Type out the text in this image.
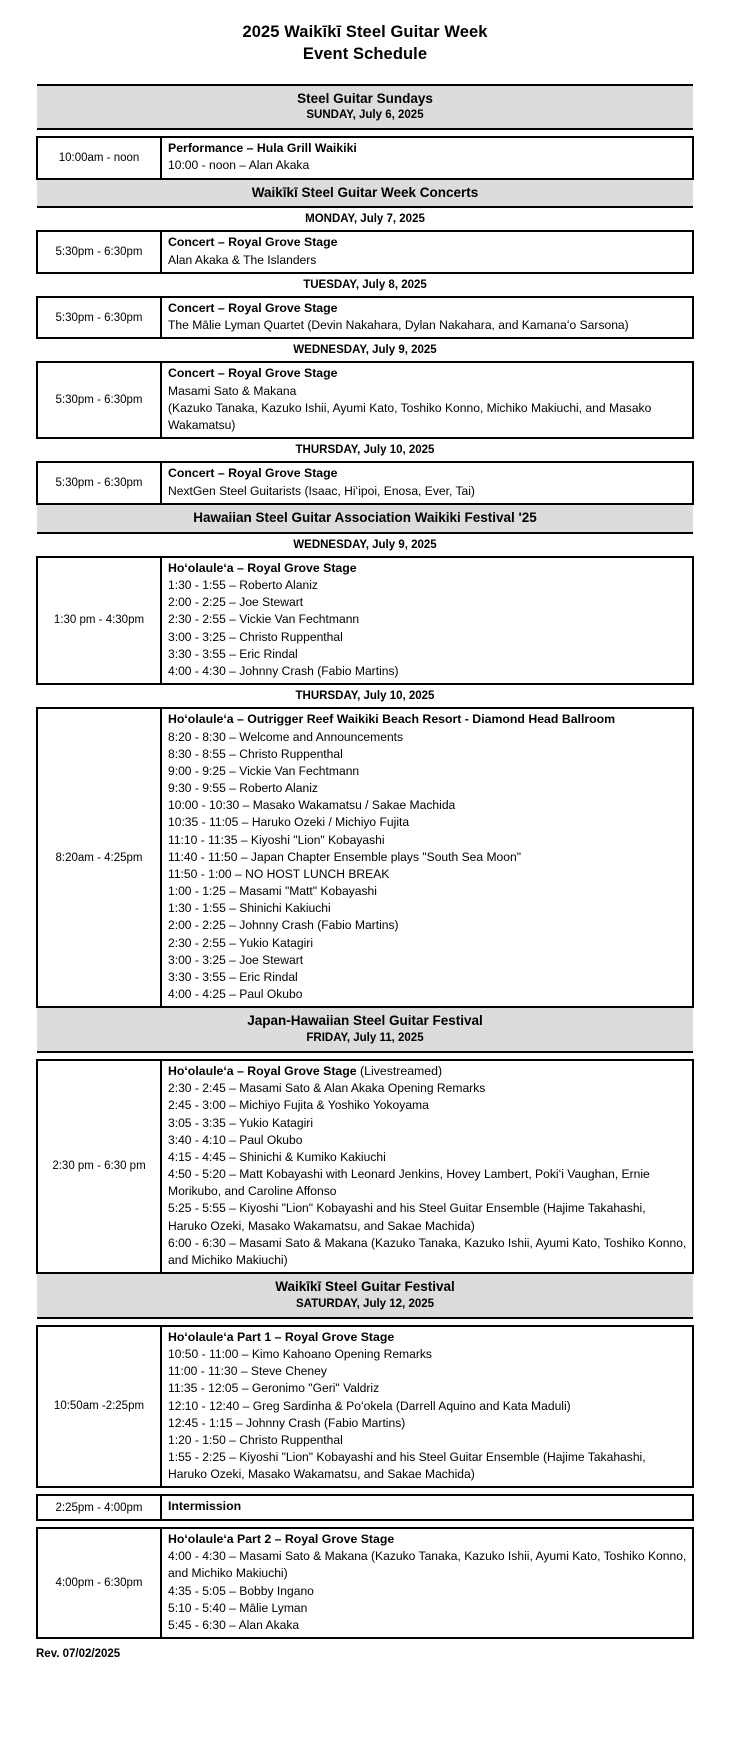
2025 Waikīkī Steel Guitar Week
Event Schedule
Steel Guitar Sundays
SUNDAY, July 6, 2025	

10:00am - noon	Performance – Hula Grill Waikiki
10:00 - noon – Alan Akaka

Waikīkī Steel Guitar Week Concerts	
MONDAY, July 7, 2025	
5:30pm - 6:30pm	Concert – Royal Grove Stage
Alan Akaka & The Islanders

TUESDAY, July 8, 2025	
5:30pm - 6:30pm	Concert – Royal Grove Stage
The Mālie Lyman Quartet (Devin Nakahara, Dylan Nakahara, and Kamanaʻo Sarsona)

WEDNESDAY, July 9, 2025	
5:30pm - 6:30pm	Concert – Royal Grove Stage
Masami Sato & Makana
(Kazuko Tanaka, Kazuko Ishii, Ayumi Kato, Toshiko Konno, Michiko Makiuchi, and Masako Wakamatsu)

THURSDAY, July 10, 2025	
5:30pm - 6:30pm	Concert – Royal Grove Stage
NextGen Steel Guitarists (Isaac, Hiʻipoi, Enosa, Ever, Tai)

Hawaiian Steel Guitar Association Waikiki Festival '25	
WEDNESDAY, July 9, 2025	
1:30 pm - 4:30pm	
Hoʻolauleʻa – Royal Grove Stage
1:30 - 1:55 – Roberto Alaniz
2:00 - 2:25 – Joe Stewart
2:30 - 2:55 – Vickie Van Fechtmann
3:00 - 3:25 – Christo Ruppenthal
3:30 - 3:55 – Eric Rindal
4:00 - 4:30 – Johnny Crash (Fabio Martins)

THURSDAY, July 10, 2025	
8:20am - 4:25pm	
Hoʻolauleʻa – Outrigger Reef Waikiki Beach Resort - Diamond Head Ballroom
8:20 - 8:30 – Welcome and Announcements
8:30 - 8:55 – Christo Ruppenthal
9:00 - 9:25 – Vickie Van Fechtmann
9:30 - 9:55 – Roberto Alaniz
10:00 - 10:30 – Masako Wakamatsu / Sakae Machida
10:35 - 11:05 – Haruko Ozeki / Michiyo Fujita
11:10 - 11:35 – Kiyoshi "Lion" Kobayashi
11:40 - 11:50 – Japan Chapter Ensemble plays "South Sea Moon"
11:50 - 1:00 – NO HOST LUNCH BREAK
1:00 - 1:25 – Masami "Matt" Kobayashi
1:30 - 1:55 – Shinichi Kakiuchi
2:00 - 2:25 – Johnny Crash (Fabio Martins)
2:30 - 2:55 – Yukio Katagiri
3:00 - 3:25 – Joe Stewart
3:30 - 3:55 – Eric Rindal
4:00 - 4:25 – Paul Okubo

Japan-Hawaiian Steel Guitar Festival
FRIDAY, July 11, 2025	

2:30 pm - 6:30 pm	
Hoʻolauleʻa – Royal Grove Stage (Livestreamed)
2:30 - 2:45 – Masami Sato & Alan Akaka Opening Remarks
2:45 - 3:00 – Michiyo Fujita & Yoshiko Yokoyama
3:05 - 3:35 – Yukio Katagiri
3:40 - 4:10 – Paul Okubo
4:15 - 4:45 – Shinichi & Kumiko Kakiuchi
4:50 - 5:20 – Matt Kobayashi with Leonard Jenkins, Hovey Lambert, Pokiʻi Vaughan, Ernie Morikubo, and Caroline Affonso
5:25 - 5:55 – Kiyoshi "Lion" Kobayashi and his Steel Guitar Ensemble (Hajime Takahashi, Haruko Ozeki, Masako Wakamatsu, and Sakae Machida)
6:00 - 6:30 – Masami Sato & Makana (Kazuko Tanaka, Kazuko Ishii, Ayumi Kato, Toshiko Konno, and Michiko Makiuchi)

Waikīkī Steel Guitar Festival
SATURDAY, July 12, 2025	

10:50am -2:25pm	
Hoʻolauleʻa Part 1 – Royal Grove Stage
10:50 - 11:00 – Kimo Kahoano Opening Remarks
11:00 - 11:30 – Steve Cheney
11:35 - 12:05 – Geronimo "Geri" Valdriz
12:10 - 12:40 – Greg Sardinha & Poʻokela (Darrell Aquino and Kata Maduli)
12:45 - 1:15 – Johnny Crash (Fabio Martins)
1:20 - 1:50 – Christo Ruppenthal
1:55 - 2:25 – Kiyoshi "Lion" Kobayashi and his Steel Guitar Ensemble (Hajime Takahashi, Haruko Ozeki, Masako Wakamatsu, and Sakae Machida)

2:25pm - 4:00pm	Intermission

4:00pm - 6:30pm	Hoʻolauleʻa Part 2 – Royal Grove Stage
4:00 - 4:30 – Masami Sato & Makana (Kazuko Tanaka, Kazuko Ishii, Ayumi Kato, Toshiko Konno, and Michiko Makiuchi)
4:35 - 5:05 – Bobby Ingano
5:10 - 5:40 – Mālie Lyman
5:45 - 6:30 – Alan Akaka
Rev. 07/02/2025
